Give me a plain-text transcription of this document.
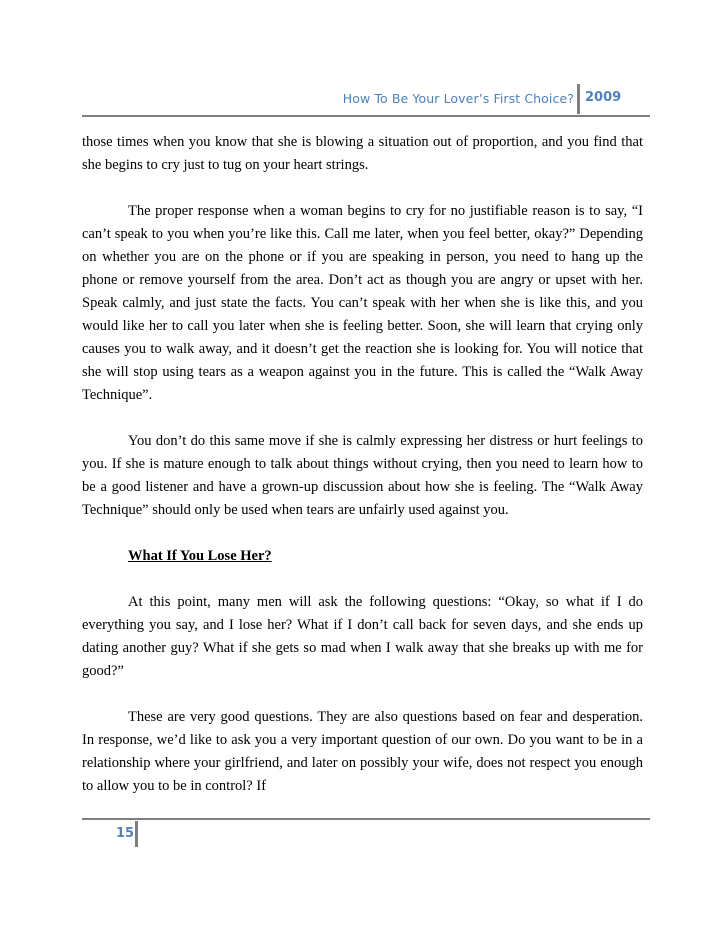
How To Be Your Lover’s First Choice? 2009

those times when you know that she is blowing a situation out of proportion, and you find that she begins to cry just to tug on your heart strings.

The proper response when a woman begins to cry for no justifiable reason is to say, “I can’t speak to you when you’re like this. Call me later, when you feel better, okay?” Depending on whether you are on the phone or if you are speaking in person, you need to hang up the phone or remove yourself from the area. Don’t act as though you are angry or upset with her. Speak calmly, and just state the facts. You can’t speak with her when she is like this, and you would like her to call you later when she is feeling better. Soon, she will learn that crying only causes you to walk away, and it doesn’t get the reaction she is looking for. You will notice that she will stop using tears as a weapon against you in the future. This is called the “Walk Away Technique”.

You don’t do this same move if she is calmly expressing her distress or hurt feelings to you. If she is mature enough to talk about things without crying, then you need to learn how to be a good listener and have a grown-up discussion about how she is feeling. The “Walk Away Technique” should only be used when tears are unfairly used against you.

What If You Lose Her?

At this point, many men will ask the following questions: “Okay, so what if I do everything you say, and I lose her? What if I don’t call back for seven days, and she ends up dating another guy? What if she gets so mad when I walk away that she breaks up with me for good?”

These are very good questions. They are also questions based on fear and desperation. In response, we’d like to ask you a very important question of our own. Do you want to be in a relationship where your girlfriend, and later on possibly your wife, does not respect you enough to allow you to be in control? If

15
